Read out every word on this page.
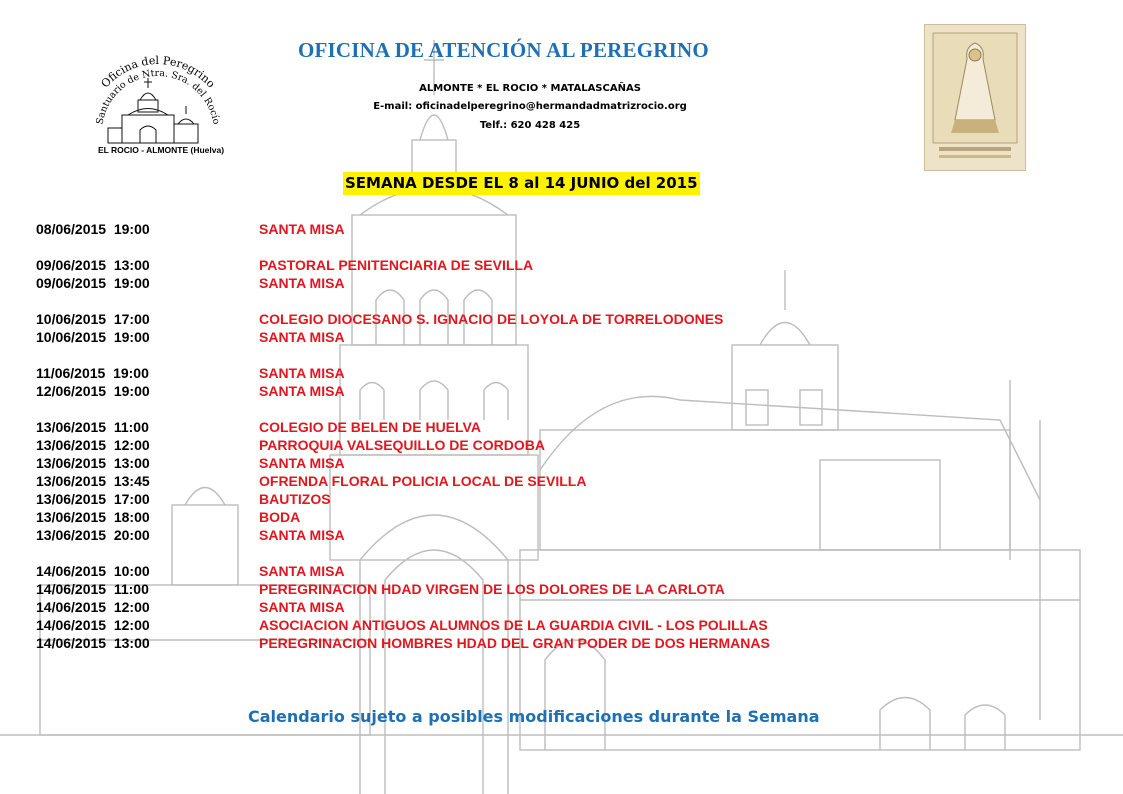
Oficina del Peregrino
Santuario de Ntra. Sra. del Rocío
EL ROCIO - ALMONTE (Huelva)
OFICINA DE ATENCIÓN AL PEREGRINO
ALMONTE * EL ROCIO * MATALASCAÑAS
E-mail: oficinadelperegrino@hermandadmatrizrocio.org
Telf.: 620 428 425
SEMANA DESDE EL 8 al 14 JUNIO del 2015
08/06/2015  19:00	SANTA MISA
09/06/2015  13:00	PASTORAL PENITENCIARIA DE SEVILLA
09/06/2015  19:00	SANTA MISA
10/06/2015  17:00	COLEGIO DIOCESANO S. IGNACIO DE LOYOLA DE TORRELODONES
10/06/2015  19:00	SANTA MISA
11/06/2015  19:00	SANTA MISA
12/06/2015  19:00	SANTA MISA
13/06/2015  11:00	COLEGIO DE BELEN DE HUELVA
13/06/2015  12:00	PARROQUIA VALSEQUILLO DE CORDOBA
13/06/2015  13:00	SANTA MISA
13/06/2015  13:45	OFRENDA FLORAL POLICIA LOCAL DE SEVILLA
13/06/2015  17:00	BAUTIZOS
13/06/2015  18:00	BODA
13/06/2015  20:00	SANTA MISA
14/06/2015  10:00	SANTA MISA
14/06/2015  11:00	PEREGRINACION HDAD VIRGEN DE LOS DOLORES DE LA CARLOTA
14/06/2015  12:00	SANTA MISA
14/06/2015  12:00	ASOCIACION ANTIGUOS ALUMNOS DE LA GUARDIA CIVIL - LOS POLILLAS
14/06/2015  13:00	PEREGRINACION HOMBRES HDAD DEL GRAN PODER DE DOS HERMANAS
Calendario sujeto a posibles modificaciones durante la Semana
